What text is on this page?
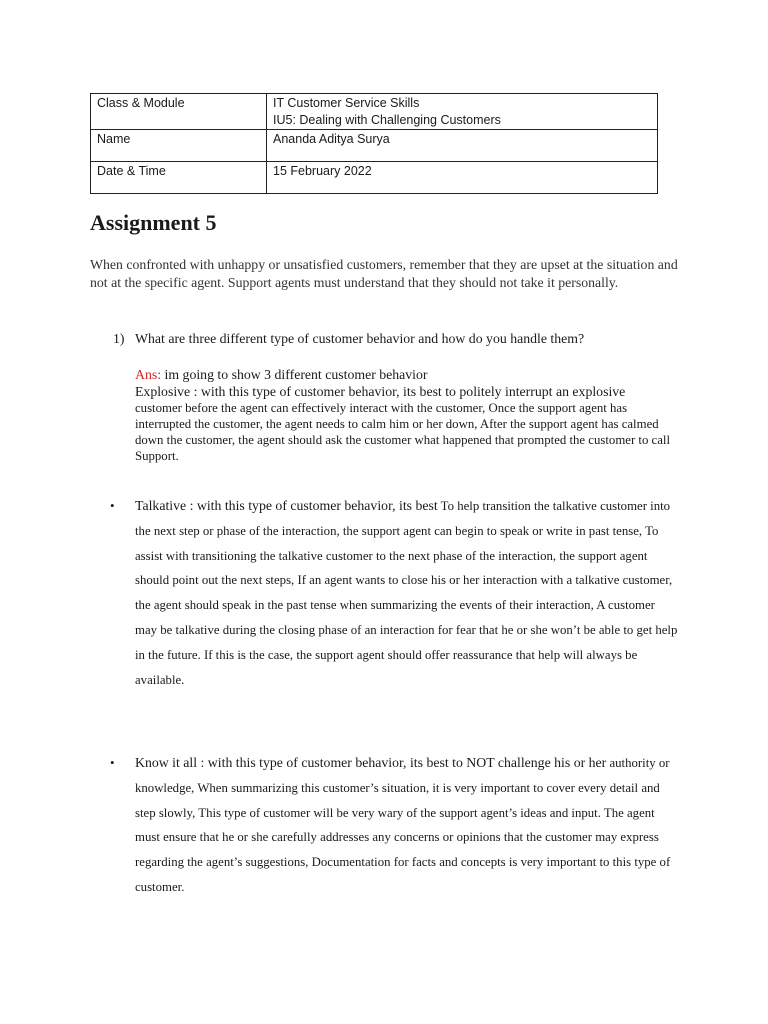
Class & Module	IT Customer Service Skills
IU5: Dealing with Challenging Customers

Name	Ananda Aditya Surya
Date & Time	15 February 2022
Assignment 5

When confronted with unhappy or unsatisfied customers, remember that they are upset at the situation and not at the specific agent. Support agents must understand that they should not take it personally.

1) What are three different type of customer behavior and how do you handle them?
Ans: im going to show 3 different customer behavior
Explosive : with this type of customer behavior, its best to politely interrupt an explosive
customer before the agent can effectively interact with the customer, Once the support agent has interrupted the customer, the agent needs to calm him or her down, After the support agent has calmed down the customer, the agent should ask the customer what happened that prompted the customer to call Support.
• Talkative : with this type of customer behavior, its best To help transition the talkative customer into the next step or phase of the interaction, the support agent can begin to speak or write in past tense, To assist with transitioning the talkative customer to the next phase of the interaction, the support agent should point out the next steps, If an agent wants to close his or her interaction with a talkative customer, the agent should speak in the past tense when summarizing the events of their interaction, A customer may be talkative during the closing phase of an interaction for fear that he or she won’t be able to get help in the future. If this is the case, the support agent should offer reassurance that help will always be available.
• Know it all : with this type of customer behavior, its best to NOT challenge his or her authority or knowledge, When summarizing this customer’s situation, it is very important to cover every detail and step slowly, This type of customer will be very wary of the support agent’s ideas and input. The agent must ensure that he or she carefully addresses any concerns or opinions that the customer may express regarding the agent’s suggestions, Documentation for facts and concepts is very important to this type of customer.
